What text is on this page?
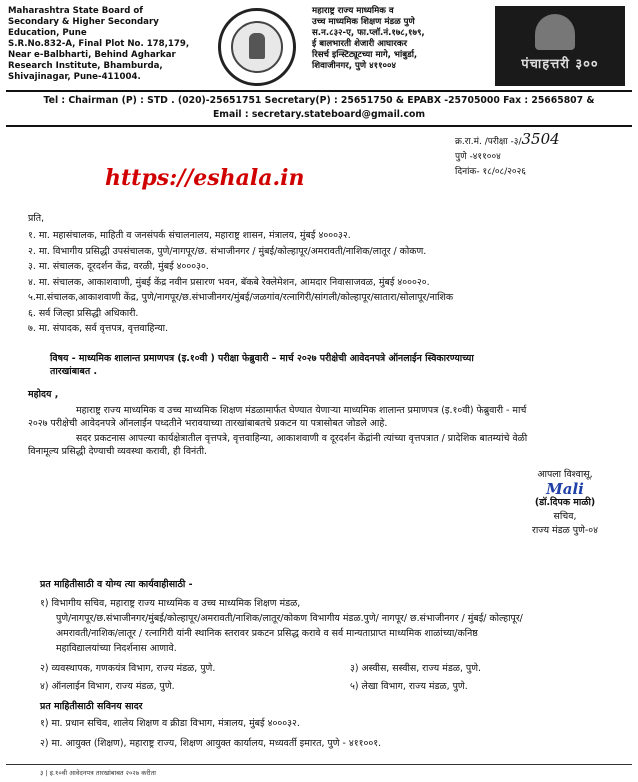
Maharashtra State Board of
Secondary & Higher Secondary
Education, Pune
S.R.No.832-A, Final Plot No. 178,179,
Near e-Balbharti, Behind Agharkar
Research Institute, Bhamburda,
Shivajinagar, Pune-411004.
महाराष्ट्र राज्य माध्यमिक व
उच्च माध्यमिक शिक्षण मंडळ पुणे
स.न.८३२-ए, फा.प्लॉ.नं.१७८,१७९,
ई बालभारती शेजारी आघारकर
रिसर्च इन्स्टिट्यूटच्या मागे, भांबुर्डा,
शिवाजीनगर, पुणे ४११००४	पंचाहत्तरी ३००
Tel : Chairman (P) : STD . (020)-25651751 Secretary(P) : 25651750 & EPABX -25705000 Fax : 25665807 &
Email : secretary.stateboard@gmail.com
क्र.रा.मं. /परीक्षा -३/3504
पुणे -४११००४
दिनांक- १८/०८/२०२६
https://eshala.in
प्रति,
१. मा. महासंचालक, माहिती व जनसंपर्क संचालनालय, महाराष्ट्र शासन, मंत्रालय, मुंबई ४०००३२.
२. मा. विभागीय प्रसिद्धी उपसंचालक, पुणे/नागपूर/छ. संभाजीनगर / मुंबई/कोल्हापूर/अमरावती/नाशिक/लातूर / कोकण.
३. मा. संचालक, दूरदर्शन केंद्र, वरळी, मुंबई ४०००३०.
४. मा. संचालक, आकाशवाणी, मुंबई केंद्र नवीन प्रसारण भवन, बॅकबे रेक्लेमेशन, आमदार निवासाजवळ, मुंबई ४०००२०.
५.मा.संचालक,आकाशवाणी केंद्र, पुणे/नागपूर/छ.संभाजीनगर/मुंबई/जळगांव/रत्नागिरी/सांगली/कोल्हापूर/सातारा/सोलापूर/नाशिक
६. सर्व जिल्हा प्रसिद्धी अधिकारी.
७. मा. संपादक, सर्व वृत्तपत्र, वृत्तवाहिन्या.
विषय - माध्यमिक शालान्त प्रमाणपत्र (इ.१०वी ) परीक्षा फेब्रुवारी – मार्च २०२७ परीक्षेची आवेदनपत्रे ऑनलाईन स्विकारण्याच्या
तारखांबाबत .
महोदय ,
महाराष्ट्र राज्य माध्यमिक व उच्च माध्यमिक शिक्षण मंडळामार्फत घेण्यात येणाऱ्या माध्यमिक शालान्त प्रमाणपत्र (इ.१०वी) फेब्रुवारी - मार्च
२०२७ परीक्षेची आवेदनपत्रे ऑनलाईन पध्दतीने भरावयाच्या तारखांबाबतचे प्रकटन या पत्रासोबत जोडले आहे.
सदर प्रकटनास आपल्या कार्यक्षेत्रातील वृत्तपत्रे, वृत्तवाहिन्या, आकाशवाणी व दूरदर्शन केंद्रांनी त्यांच्या वृत्तपत्रात / प्रादेशिक बातम्यांचे वेळी
विनामूल्य प्रसिद्धी देण्याची व्यवस्था करावी, ही विनंती.
आपला विश्वासू,
Mali
(डॉ.दिपक माळी)
सचिव,
राज्य मंडळ पुणे-०४
प्रत माहितीसाठी व योग्य त्या कार्यवाहीसाठी -
१) विभागीय सचिव, महाराष्ट्र राज्य माध्यमिक व उच्च माध्यमिक शिक्षण मंडळ,
पुणे/नागपूर/छ.संभाजीनगर/मुंबई/कोल्हापूर/अमरावती/नाशिक/लातूर/कोकण विभागीय मंडळ.पुणे/ नागपूर/ छ.संभाजीनगर / मुंबई/ कोल्हापूर/
अमरावती/नाशिक/लातूर / रत्नागिरी यांनी स्थानिक स्तरावर प्रकटन प्रसिद्ध करावे व सर्व मान्यताप्राप्त माध्यमिक शाळांच्या/कनिष्ठ
महाविद्यालयांच्या निदर्शनास आणावे.
२) व्यवस्थापक, गणकयंत्र विभाग, राज्य मंडळ, पुणे.	३) अस्वीस, सस्वीस, राज्य मंडळ, पुणे.
४) ऑनलाईन विभाग, राज्य मंडळ, पुणे.	५) लेखा विभाग, राज्य मंडळ, पुणे.
प्रत माहितीसाठी सविनय सादर
१) मा. प्रधान सचिव, शालेय शिक्षण व क्रीडा विभाग, मंत्रालय, मुंबई ४०००३२.
२) मा. आयुक्त (शिक्षण), महाराष्ट्र राज्य, शिक्षण आयुक्त कार्यालय, मध्यवर्ती इमारत, पुणे - ४११००१.
३ | इ.१०वी आवेदनपत्र तारखांबाबत २०२७ करीता
